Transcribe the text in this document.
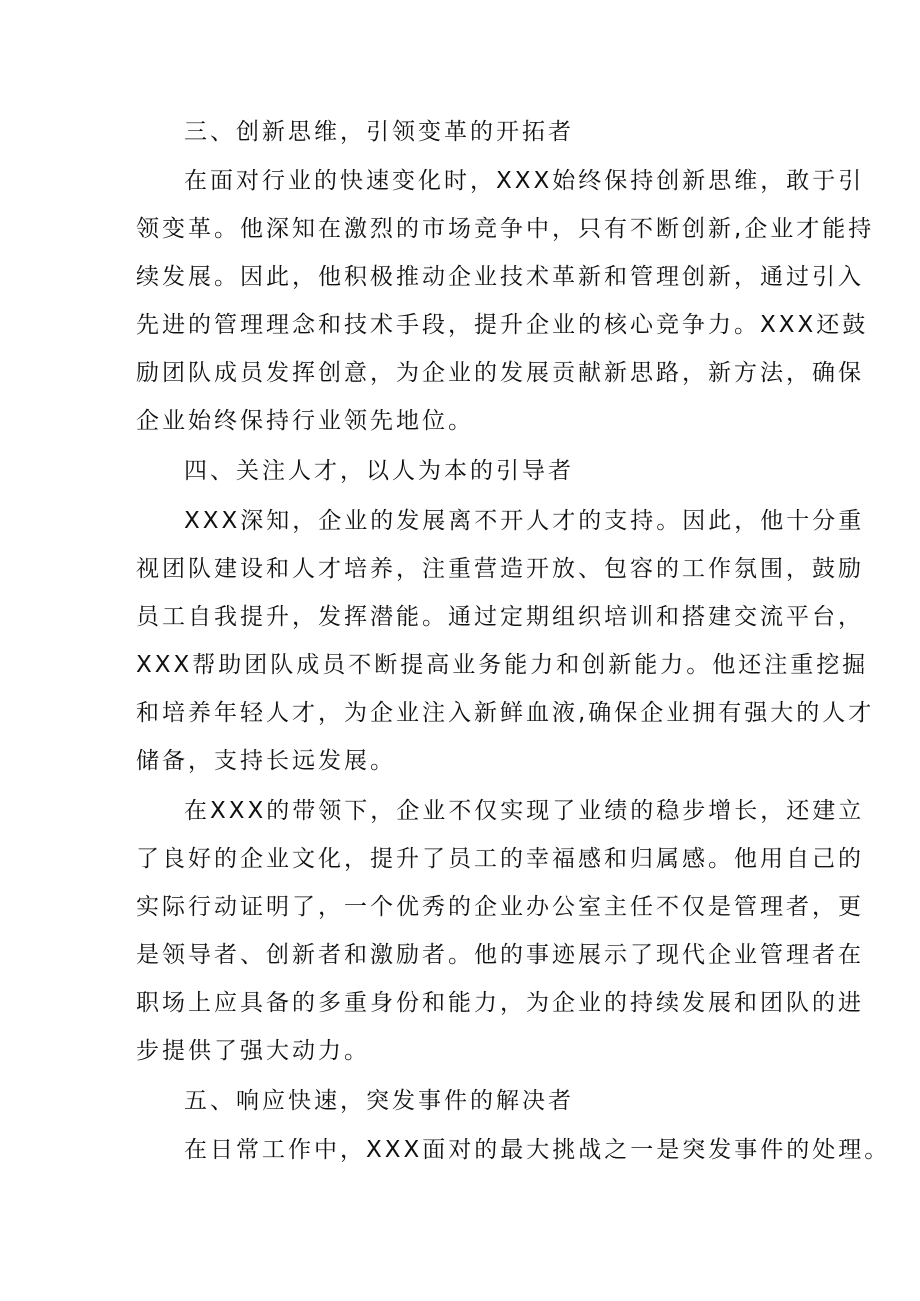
三、创新思维，引领变革的开拓者
在面对行业的快速变化时，XXX始终保持创新思维，敢于引
领变革。他深知在激烈的市场竞争中，只有不断创新,企业才能持
续发展。因此，他积极推动企业技术革新和管理创新，通过引入
先进的管理理念和技术手段，提升企业的核心竞争力。XXX还鼓
励团队成员发挥创意，为企业的发展贡献新思路，新方法，确保
企业始终保持行业领先地位。
四、关注人才，以人为本的引导者
XXX深知，企业的发展离不开人才的支持。因此，他十分重
视团队建设和人才培养，注重营造开放、包容的工作氛围，鼓励
员工自我提升，发挥潜能。通过定期组织培训和搭建交流平台，
XXX帮助团队成员不断提高业务能力和创新能力。他还注重挖掘
和培养年轻人才，为企业注入新鲜血液,确保企业拥有强大的人才
储备，支持长远发展。
在XXX的带领下，企业不仅实现了业绩的稳步增长，还建立
了良好的企业文化，提升了员工的幸福感和归属感。他用自己的
实际行动证明了，一个优秀的企业办公室主任不仅是管理者，更
是领导者、创新者和激励者。他的事迹展示了现代企业管理者在
职场上应具备的多重身份和能力，为企业的持续发展和团队的进
步提供了强大动力。
五、响应快速，突发事件的解决者
在日常工作中，XXX面对的最大挑战之一是突发事件的处理。
